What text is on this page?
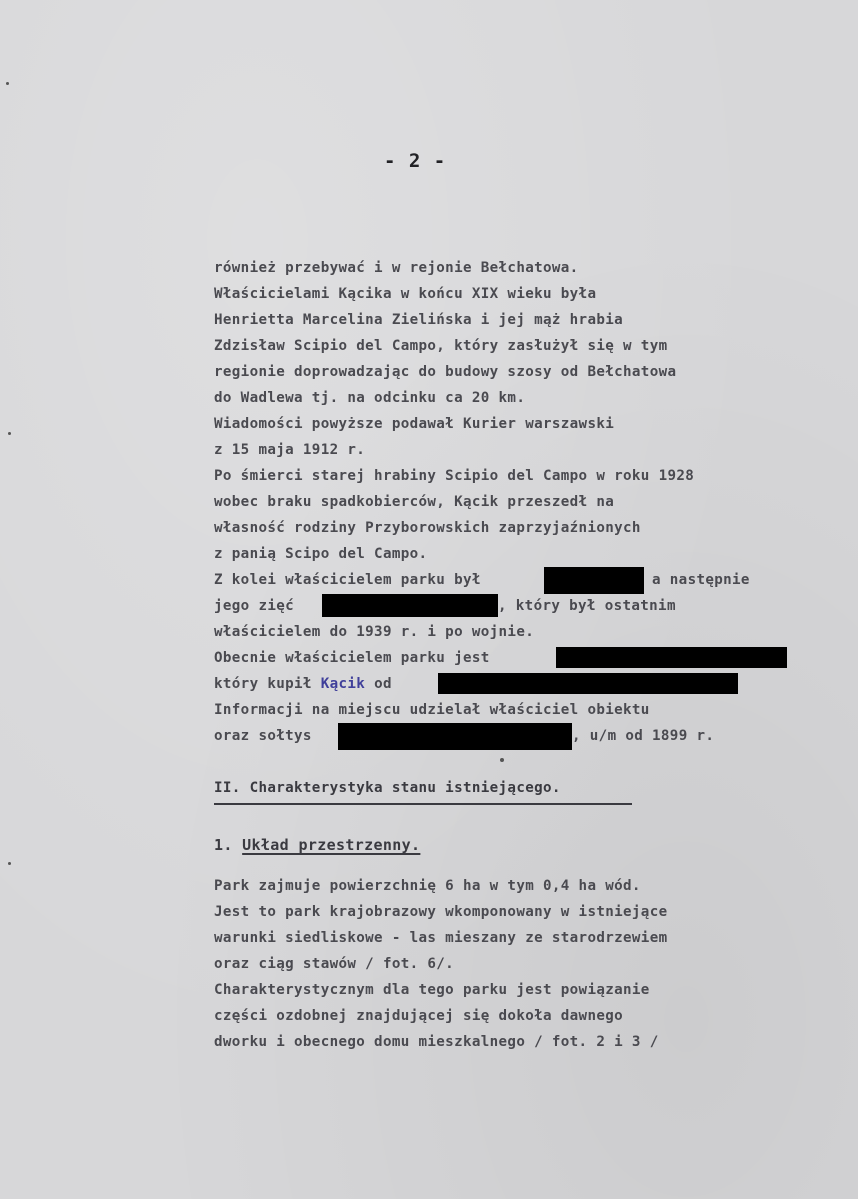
- 2 -
również przebywać i w rejonie Bełchatowa.
Właścicielami Kącika w końcu XIX wieku była
Henrietta Marcelina Zielińska i jej mąż hrabia
Zdzisław Scipio del Campo, który zasłużył się w tym
regionie doprowadzając do budowy szosy od Bełchatowa
do Wadlewa tj. na odcinku ca 20 km.
Wiadomości powyższe podawał Kurier warszawski
z 15 maja 1912 r.
Po śmierci starej hrabiny Scipio del Campo w roku 1928
wobec braku spadkobierców, Kącik przeszedł na
własność rodziny Przyborowskich zaprzyjaźnionych
z panią Scipo del Campo.
Z kolei właścicielem parku był	a następnie
jego zięć	, który był ostatnim
właścicielem do 1939 r. i po wojnie.
Obecnie właścicielem parku jest
który kupił Kącik od
Informacji na miejscu udzielał właściciel obiektu
oraz sołtys	, u/m od 1899 r.
II. Charakterystyka stanu istniejącego.
1. Układ przestrzenny.
Park zajmuje powierzchnię 6 ha w tym 0,4 ha wód.
Jest to park krajobrazowy wkomponowany w istniejące
warunki siedliskowe - las mieszany ze starodrzewiem
oraz ciąg stawów / fot. 6/.
Charakterystycznym dla tego parku jest powiązanie
części ozdobnej znajdującej się dokoła dawnego
dworku i obecnego domu mieszkalnego / fot. 2 i 3 /
